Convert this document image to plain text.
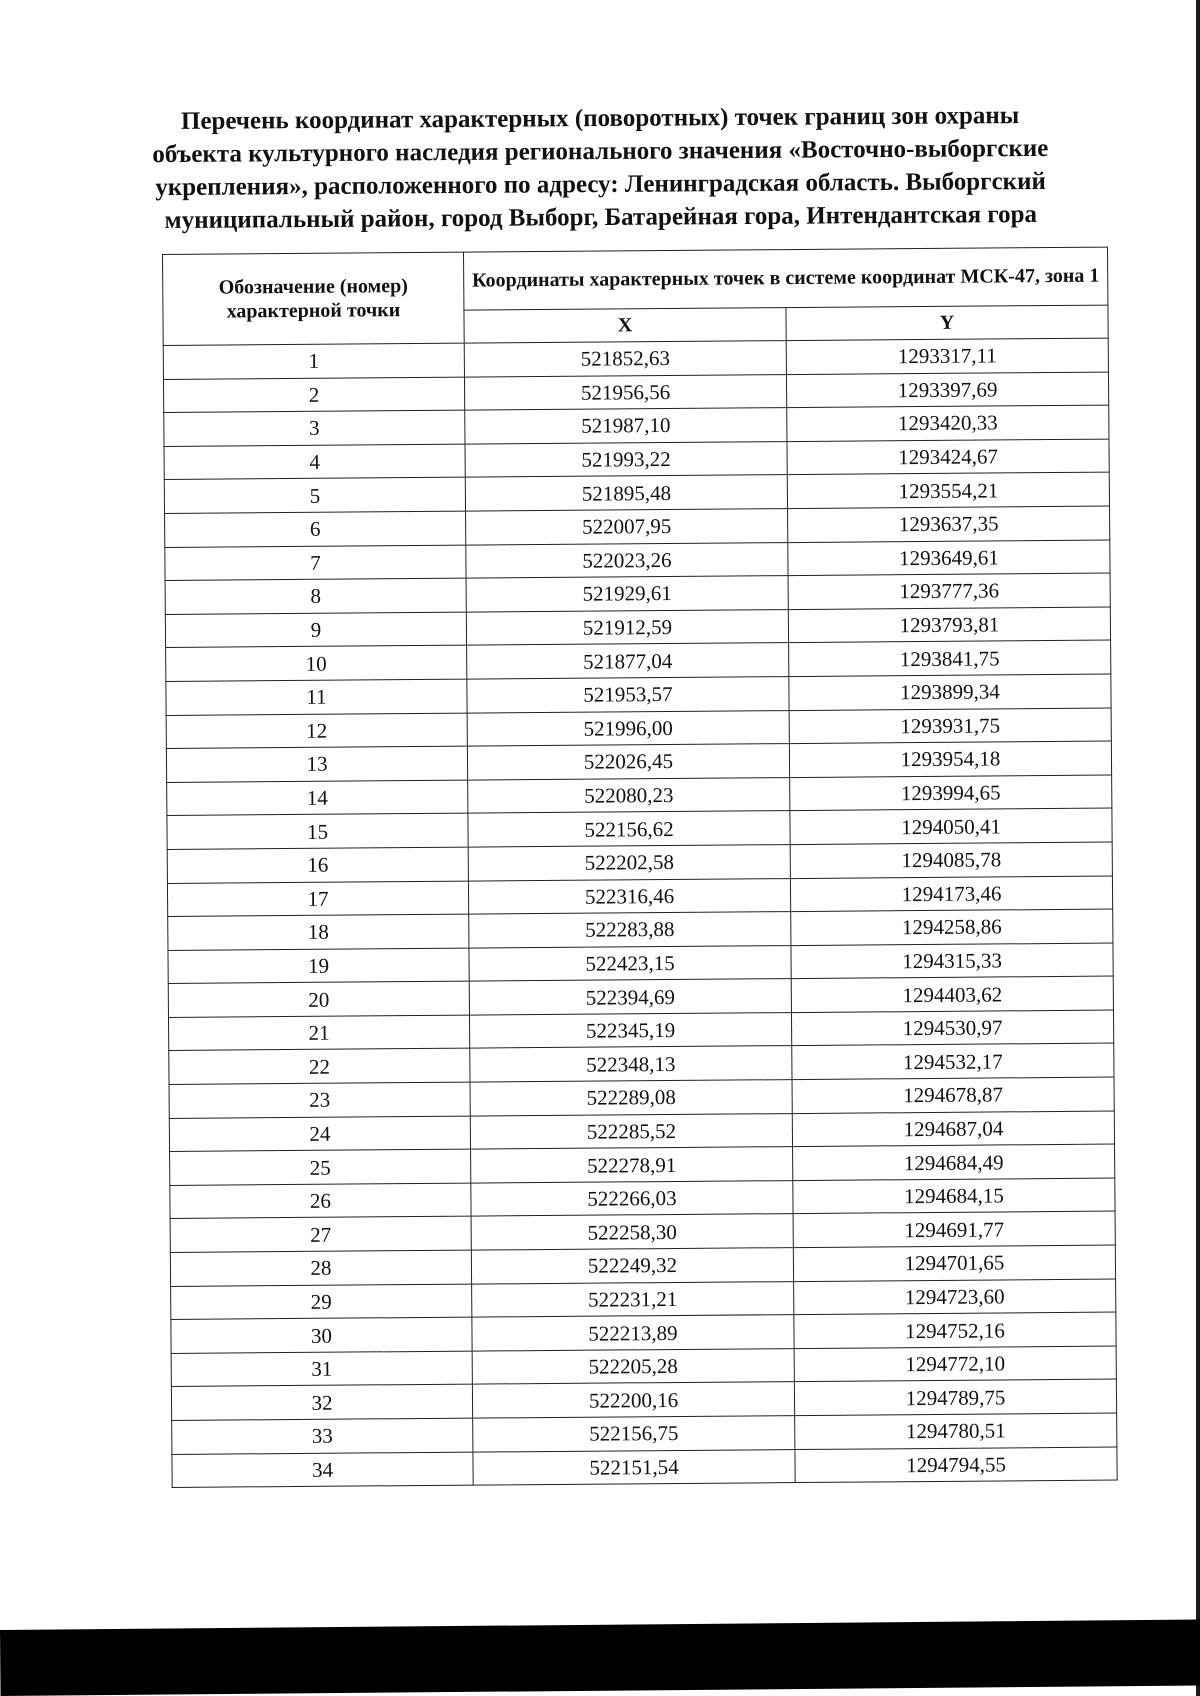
Перечень координат характерных (поворотных) точек границ зон охраны
объекта культурного наследия регионального значения «Восточно-выборгские
укрепления», расположенного по адресу: Ленинградская область. Выборгский
муниципальный район, город Выборг, Батарейная гора, Интендантская гора
Обозначение (номер) характерной точки	Координаты характерных точек в системе координат МСК-47, зона 1	
	X	Y
1	521852,63	1293317,11
2	521956,56	1293397,69
3	521987,10	1293420,33
4	521993,22	1293424,67
5	521895,48	1293554,21
6	522007,95	1293637,35
7	522023,26	1293649,61
8	521929,61	1293777,36
9	521912,59	1293793,81
10	521877,04	1293841,75
11	521953,57	1293899,34
12	521996,00	1293931,75
13	522026,45	1293954,18
14	522080,23	1293994,65
15	522156,62	1294050,41
16	522202,58	1294085,78
17	522316,46	1294173,46
18	522283,88	1294258,86
19	522423,15	1294315,33
20	522394,69	1294403,62
21	522345,19	1294530,97
22	522348,13	1294532,17
23	522289,08	1294678,87
24	522285,52	1294687,04
25	522278,91	1294684,49
26	522266,03	1294684,15
27	522258,30	1294691,77
28	522249,32	1294701,65
29	522231,21	1294723,60
30	522213,89	1294752,16
31	522205,28	1294772,10
32	522200,16	1294789,75
33	522156,75	1294780,51
34	522151,54	1294794,55
